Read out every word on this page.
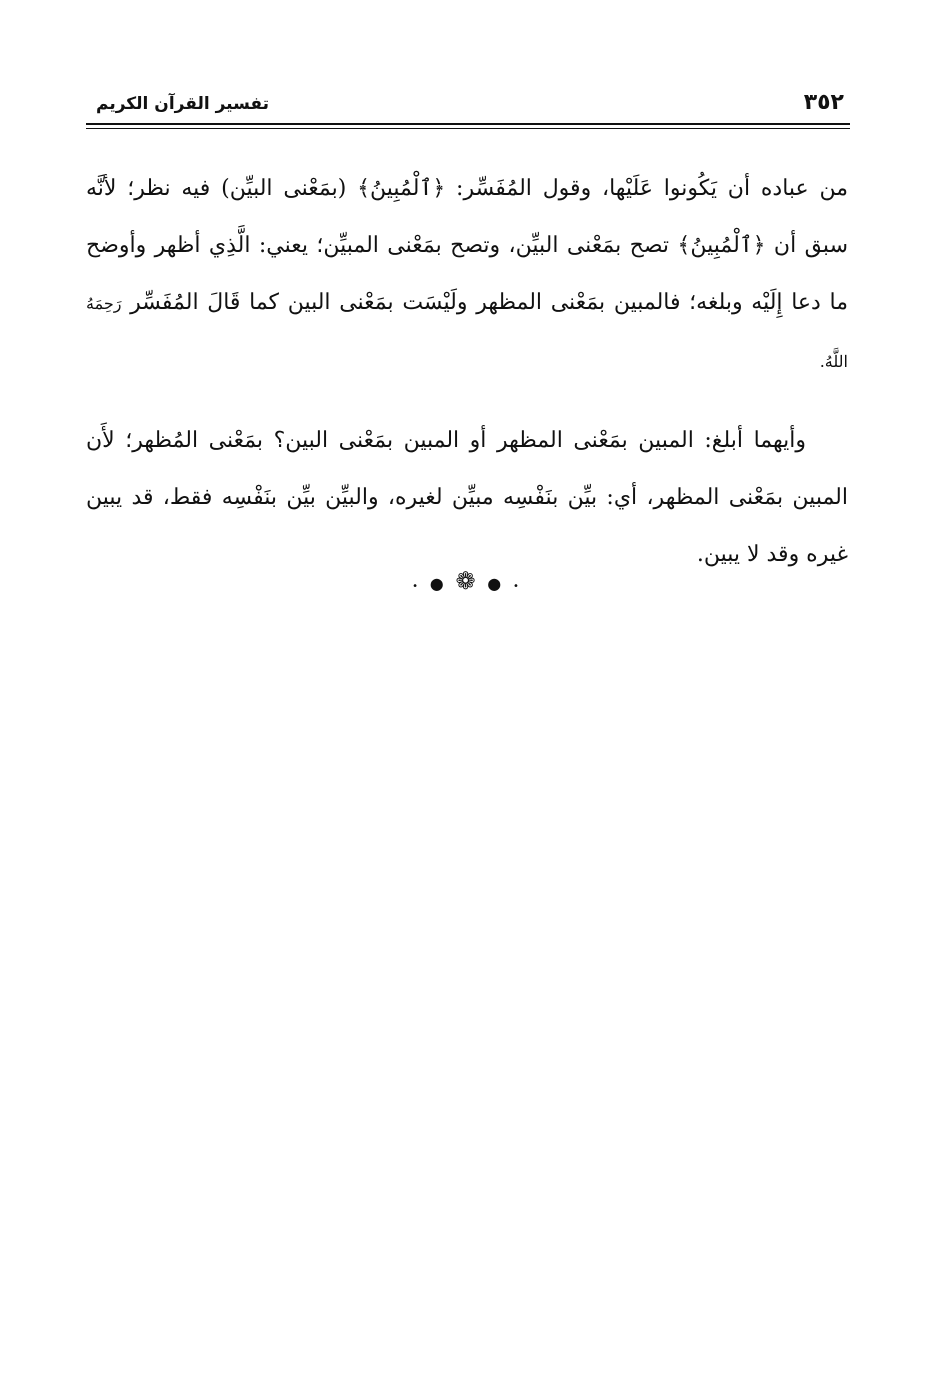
٣٥٢
تفسير القرآن الكريم

من عباده أن يَكُونوا عَلَيْها، وقول المُفَسِّر: ﴿ٱلْمُبِينُ﴾ (بمَعْنى البيِّن) فيه نظر؛ لأنَّه سبق أن ﴿ٱلْمُبِينُ﴾ تصح بمَعْنى البيِّن، وتصح بمَعْنى المبيِّن؛ يعني: الَّذِي أظهر وأوضح ما دعا إِلَيْه وبلغه؛ فالمبين بمَعْنى المظهر ولَيْسَت بمَعْنى البين كما قَالَ المُفَسِّر رَحِمَهُ اللَّهُ.

وأيهما أبلغ: المبين بمَعْنى المظهر أو المبين بمَعْنى البين؟ بمَعْنى المُظهر؛ لأَن المبين بمَعْنى المظهر، أي: بيِّن بنَفْسِه مبيِّن لغيره، والبيِّن بيِّن بنَفْسِه فقط، قد يبين غيره وقد لا يبين.

• ● ❁ ● •
